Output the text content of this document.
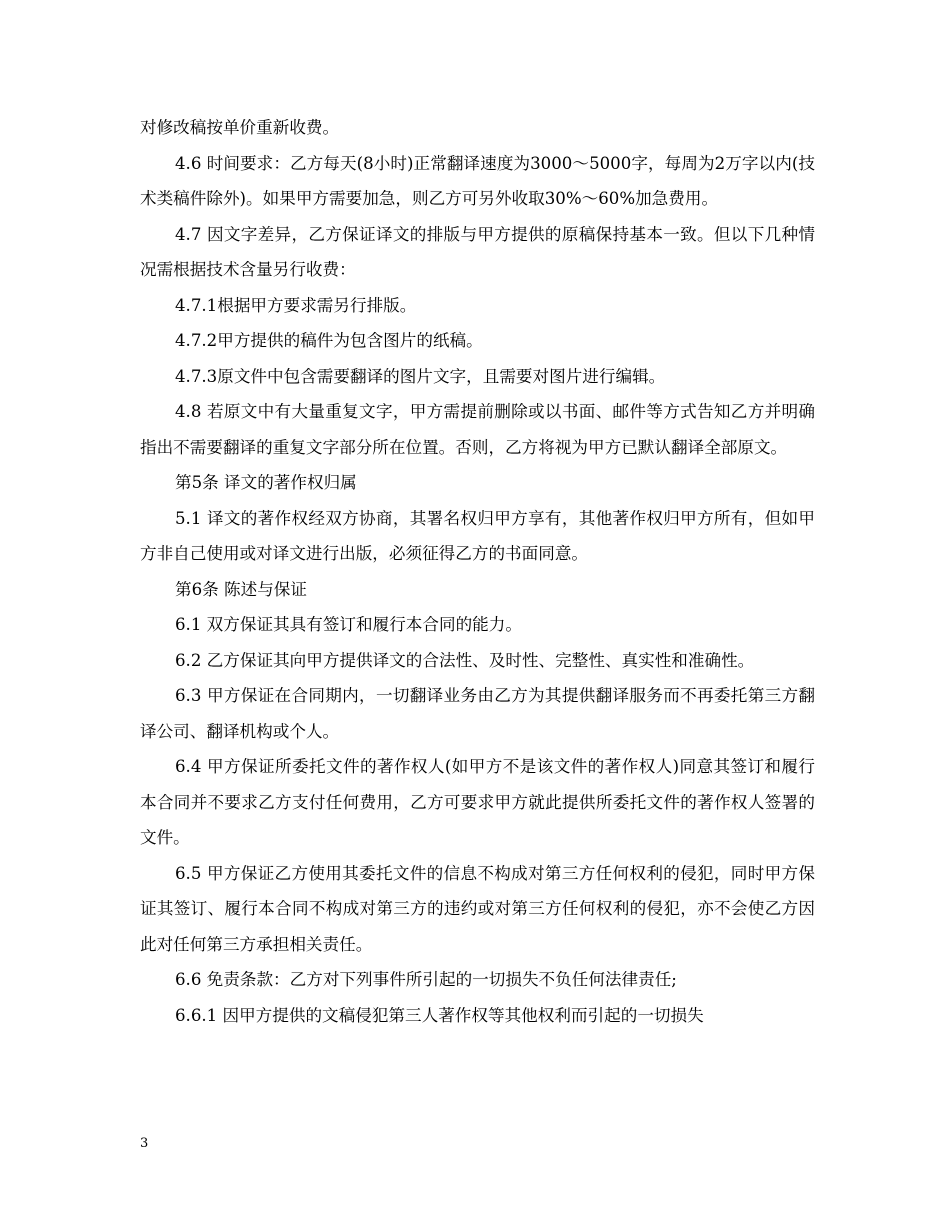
对修改稿按单价重新收费。

4.6 时间要求：乙方每天(8小时)正常翻译速度为3000～5000字，每周为2万字以内(技术类稿件除外)。如果甲方需要加急，则乙方可另外收取30%～60%加急费用。

4.7 因文字差异，乙方保证译文的排版与甲方提供的原稿保持基本一致。但以下几种情况需根据技术含量另行收费：

4.7.1根据甲方要求需另行排版。

4.7.2甲方提供的稿件为包含图片的纸稿。

4.7.3原文件中包含需要翻译的图片文字，且需要对图片进行编辑。

4.8 若原文中有大量重复文字，甲方需提前删除或以书面、邮件等方式告知乙方并明确指出不需要翻译的重复文字部分所在位置。否则，乙方将视为甲方已默认翻译全部原文。

第5条 译文的著作权归属

5.1 译文的著作权经双方协商，其署名权归甲方享有，其他著作权归甲方所有，但如甲方非自己使用或对译文进行出版，必须征得乙方的书面同意。

第6条 陈述与保证

6.1 双方保证其具有签订和履行本合同的能力。

6.2 乙方保证其向甲方提供译文的合法性、及时性、完整性、真实性和准确性。

6.3 甲方保证在合同期内，一切翻译业务由乙方为其提供翻译服务而不再委托第三方翻译公司、翻译机构或个人。

6.4 甲方保证所委托文件的著作权人(如甲方不是该文件的著作权人)同意其签订和履行本合同并不要求乙方支付任何费用，乙方可要求甲方就此提供所委托文件的著作权人签署的文件。

6.5 甲方保证乙方使用其委托文件的信息不构成对第三方任何权利的侵犯，同时甲方保证其签订、履行本合同不构成对第三方的违约或对第三方任何权利的侵犯，亦不会使乙方因此对任何第三方承担相关责任。

6.6 免责条款：乙方对下列事件所引起的一切损失不负任何法律责任;

6.6.1 因甲方提供的文稿侵犯第三人著作权等其他权利而引起的一切损失

3
